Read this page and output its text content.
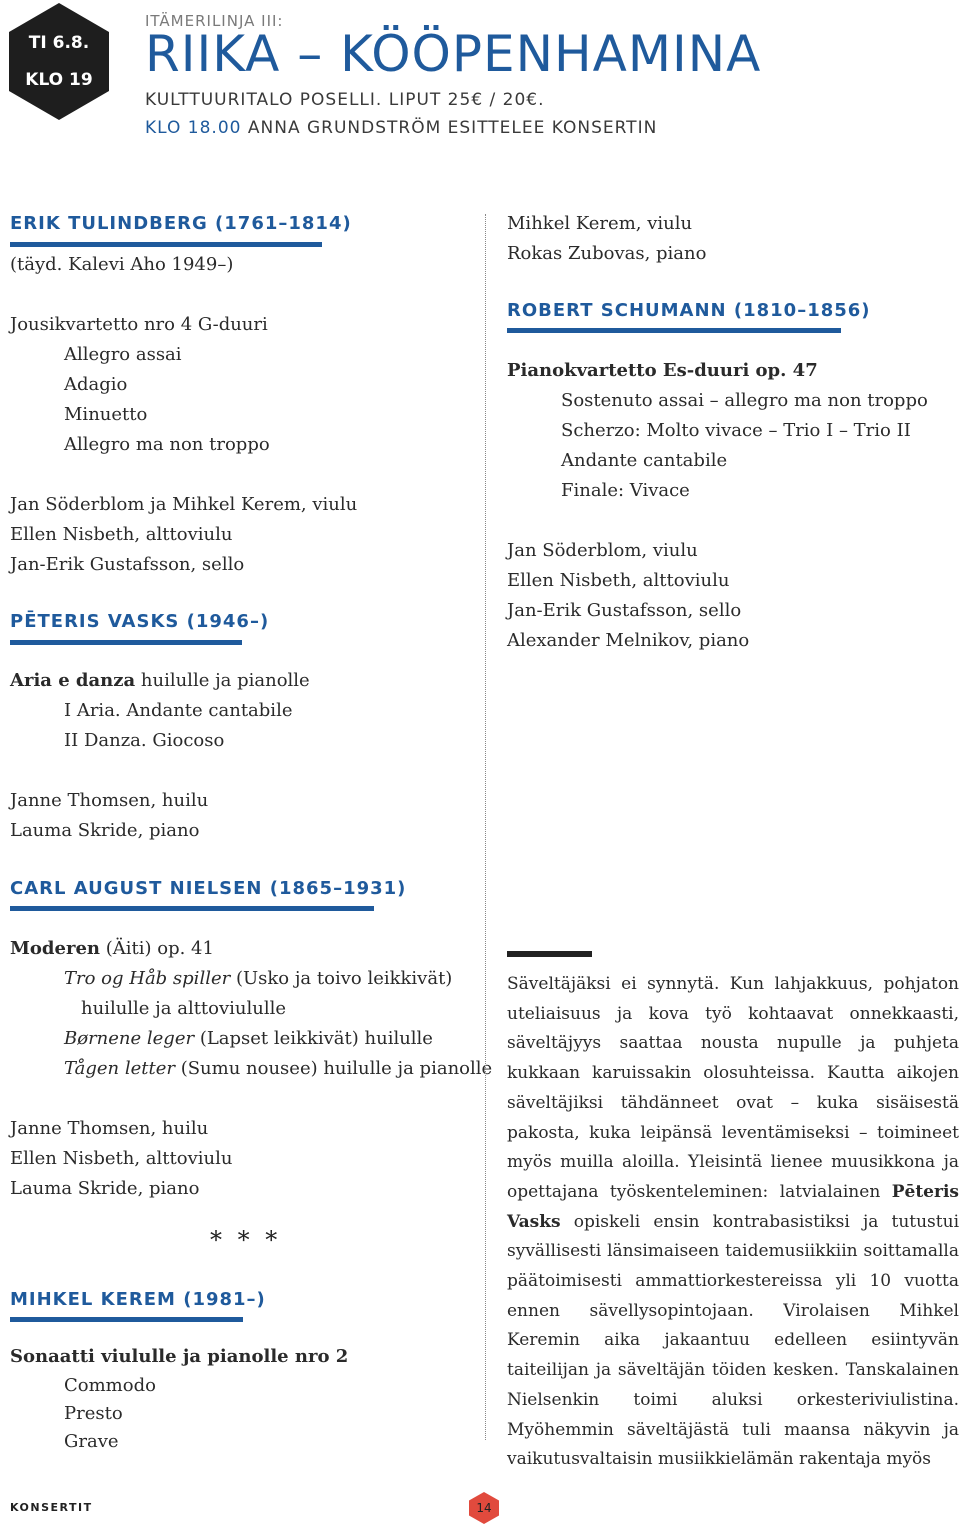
TI 6.8.
KLO 19
ITÄMERILINJA III:
RIIKA – KÖÖPENHAMINA
KULTTUURITALO POSELLI. LIPUT 25€ / 20€.
KLO 18.00 ANNA GRUNDSTRÖM ESITTELEE KONSERTIN
ERIK TULINDBERG (1761–1814)
(täyd. Kalevi Aho 1949–)
Jousikvartetto nro 4 G-duuri
Allegro assai
Adagio
Minuetto
Allegro ma non troppo
Jan Söderblom ja Mihkel Kerem, viulu
Ellen Nisbeth, alttoviulu
Jan-Erik Gustafsson, sello
PĒTERIS VASKS (1946–)
Aria e danza huilulle ja pianolle
I Aria. Andante cantabile
II Danza. Giocoso
Janne Thomsen, huilu
Lauma Skride, piano
CARL AUGUST NIELSEN (1865–1931)
Moderen (Äiti) op. 41
Tro og Håb spiller (Usko ja toivo leikkivät)
huilulle ja alttoviululle
Børnene leger (Lapset leikkivät) huilulle
Tågen letter (Sumu nousee) huilulle ja pianolle
Janne Thomsen, huilu
Ellen Nisbeth, alttoviulu
Lauma Skride, piano
* * *
MIHKEL KEREM (1981–)
Sonaatti viululle ja pianolle nro 2
Commodo
Presto
Grave
Mihkel Kerem, viulu
Rokas Zubovas, piano
ROBERT SCHUMANN (1810–1856)
Pianokvartetto Es-duuri op. 47
Sostenuto assai – allegro ma non troppo
Scherzo: Molto vivace – Trio I – Trio II
Andante cantabile
Finale: Vivace
Jan Söderblom, viulu
Ellen Nisbeth, alttoviulu
Jan-Erik Gustafsson, sello
Alexander Melnikov, piano
Säveltäjäksi ei synnytä. Kun lahjakkuus, pohjaton uteliaisuus ja kova työ kohtaavat onnekkaasti, säveltäjyys saattaa nousta nupulle ja puhjeta kukkaan karuissakin olosuhteissa. Kautta aikojen säveltäjiksi tähdänneet ovat – kuka sisäisestä pakosta, kuka leipänsä leventämiseksi – toimineet myös muilla aloilla. Yleisintä lienee muusikkona ja opettajana työskenteleminen: latvialainen Pēteris Vasks opiskeli ensin kontrabasistiksi ja tutustui syvällisesti länsimaiseen taidemusiikkiin soittamalla päätoimisesti ammattiorkestereissa yli 10 vuotta ennen sävellysopintojaan. Virolaisen Mihkel Keremin aika jakaantuu edelleen esiintyvän taiteilijan ja säveltäjän töiden kesken. Tanskalainen Nielsenkin toimi aluksi orkesteriviulistina. Myöhemmin säveltäjästä tuli maansa näkyvin ja vaikutusvaltaisin musiikkielämän rakentaja myös
KONSERTIT	14
